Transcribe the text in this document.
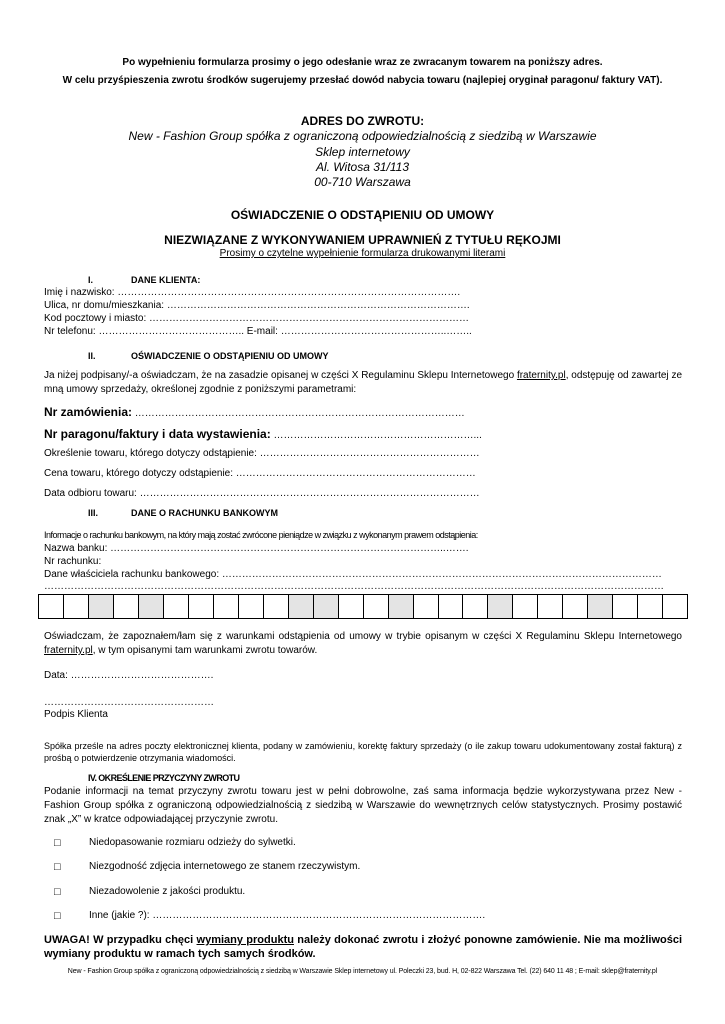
Po wypełnieniu formularza prosimy o jego odesłanie wraz ze zwracanym towarem na poniższy adres.
W celu przyśpieszenia zwrotu środków sugerujemy przesłać dowód nabycia towaru (najlepiej oryginał paragonu/ faktury VAT).
ADRES DO ZWROTU:
New - Fashion Group spółka z ograniczoną odpowiedzialnością z siedzibą w Warszawie
Sklep internetowy
Al. Witosa 31/113
00-710 Warszawa
OŚWIADCZENIE O ODSTĄPIENIU OD UMOWY
NIEZWIĄZANE Z WYKONYWANIEM UPRAWNIEŃ Z TYTUŁU RĘKOJMI
Prosimy o czytelne wypełnienie formularza drukowanymi literami
I.	DANE KLIENTA:
Imię i nazwisko: ………………………………………………………………………………………….
Ulica, nr domu/mieszkania: ……………………………………………………………………………….
Kod pocztowy i miasto: ……………………………………………………………………………………
Nr telefonu: …………………………………….. E-mail: …………………………………………..……..
II.	OŚWIADCZENIE O ODSTĄPIENIU OD UMOWY
Ja niżej podpisany/-a oświadczam, że na zasadzie opisanej w części X Regulaminu Sklepu Internetowego fraternity.pl, odstępuję od zawartej ze mną umowy sprzedaży, określonej zgodnie z poniższymi parametrami:
Nr zamówienia: ………………………………………………………………………………………
Nr paragonu/faktury i data wystawienia: ……………………………………………………...
Określenie towaru, którego dotyczy odstąpienie: …………………………………………………………
Cena towaru, którego dotyczy odstąpienie: ………………………………………………………………
Data odbioru towaru: …………………………………………………………………………………………
III.	DANE O RACHUNKU BANKOWYM
Informacje o rachunku bankowym, na który mają zostać zwrócone pieniądze w związku z wykonanym prawem odstąpienia:
Nazwa banku: ………………………………………………………………………………………..…….
Nr rachunku:
Dane właściciela rachunku bankowego: ……………………………………………………………………………………………………………………
……………………………………………………………………………………………………………………………………………………………………
Oświadczam, że zapoznałem/łam się z warunkami odstąpienia od umowy w trybie opisanym w części X Regulaminu Sklepu Internetowego fraternity.pl, w tym opisanymi tam warunkami zwrotu towarów.
Data: …………………………………….
……………………………………………
Podpis Klienta
Spółka prześle na adres poczty elektronicznej klienta, podany w zamówieniu, korektę faktury sprzedaży (o ile zakup towaru udokumentowany został fakturą) z prośbą o potwierdzenie otrzymania wiadomości.
IV. OKREŚLENIE PRZYCZYNY ZWROTU
Podanie informacji na temat przyczyny zwrotu towaru jest w pełni dobrowolne, zaś sama informacja będzie wykorzystywana przez New - Fashion Group spółka z ograniczoną odpowiedzialnością z siedzibą w Warszawie do wewnętrznych celów statystycznych. Prosimy postawić znak „X” w kratce odpowiadającej przyczynie zwrotu.
□	Niedopasowanie rozmiaru odzieży do sylwetki.
□	Niezgodność zdjęcia internetowego ze stanem rzeczywistym.
□	Niezadowolenie z jakości produktu.
□	Inne (jakie ?): ……………………………………………………………………………………….
UWAGA! W przypadku chęci wymiany produktu należy dokonać zwrotu i złożyć ponowne zamówienie. Nie ma możliwości wymiany produktu w ramach tych samych środków.
New - Fashion Group spółka z ograniczoną odpowiedzialnością z siedzibą w Warszawie Sklep internetowy ul. Poleczki 23, bud. H, 02-822 Warszawa Tel. (22) 640 11 48 ; E-mail: sklep@fraternity.pl
